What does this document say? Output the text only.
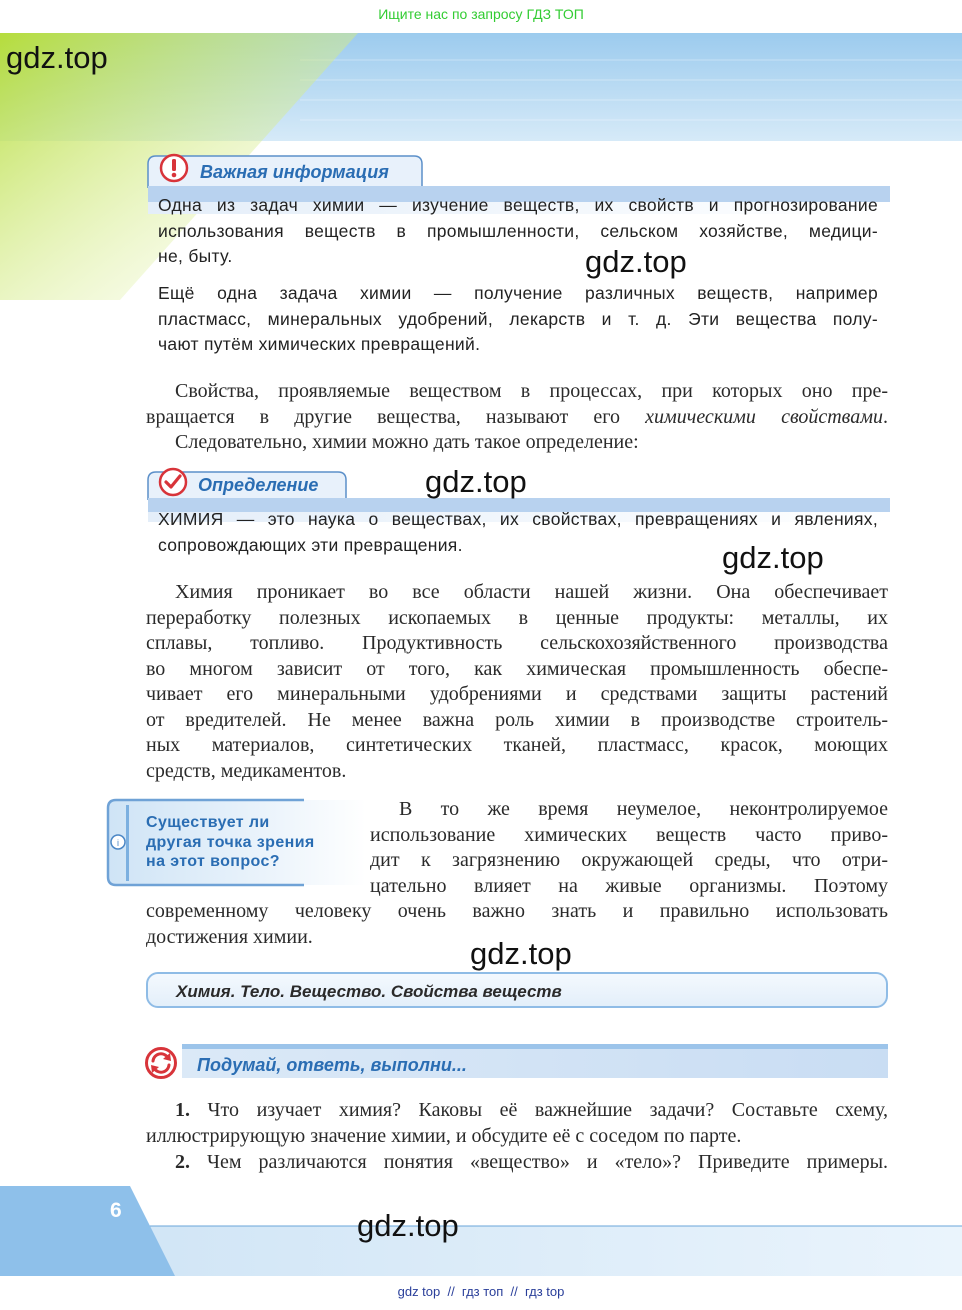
Ищите нас по запросу ГДЗ ТОП
gdz.top
Важная информация
Одна из задач химии — изучение веществ, их свойств и прогнозирование
использования веществ в промышленности, сельском хозяйстве, медици-
не, быту.	gdz.top
Ещё одна задача химии — получение различных веществ, например
пластмасс, минеральных удобрений, лекарств и т. д. Эти вещества полу-
чают путём химических превращений.
Свойства, проявляемые веществом в процессах, при которых оно пре-
вращается в другие вещества, называют его химическими свойствами.
Следовательно, химии можно дать такое определение:
Определение	gdz.top
ХИМИЯ — это наука о веществах, их свойствах, превращениях и явлениях,
сопровождающих эти превращения.	gdz.top
Химия проникает во все области нашей жизни. Она обеспечивает
переработку полезных ископаемых в ценные продукты: металлы, их
сплавы, топливо. Продуктивность сельскохозяйственного производства
во многом зависит от того, как химическая промышленность обеспе-
чивает его минеральными удобрениями и средствами защиты растений
от вредителей. Не менее важна роль химии в производстве строитель-
ных материалов, синтетических тканей, пластмасс, красок, моющих
средств, медикаментов.
i
Существует ли
другая точка зрения
на этот вопрос?
В то же время неумелое, неконтролируемое
использование химических веществ часто приво-
дит к загрязнению окружающей среды, что отри-
цательно влияет на живые организмы. Поэтому
современному человеку очень важно знать и правильно использовать
достижения химии.	gdz.top
Химия. Тело. Вещество. Свойства веществ
Подумай, ответь, выполни...
1. Что изучает химия? Каковы её важнейшие задачи? Составьте схему,
иллюстрирующую значение химии, и обсудите её с соседом по парте.
2. Чем различаются понятия «вещество» и «тело»? Приведите примеры.
6	gdz.top
gdz top  //  гдз топ  //  гдз top
